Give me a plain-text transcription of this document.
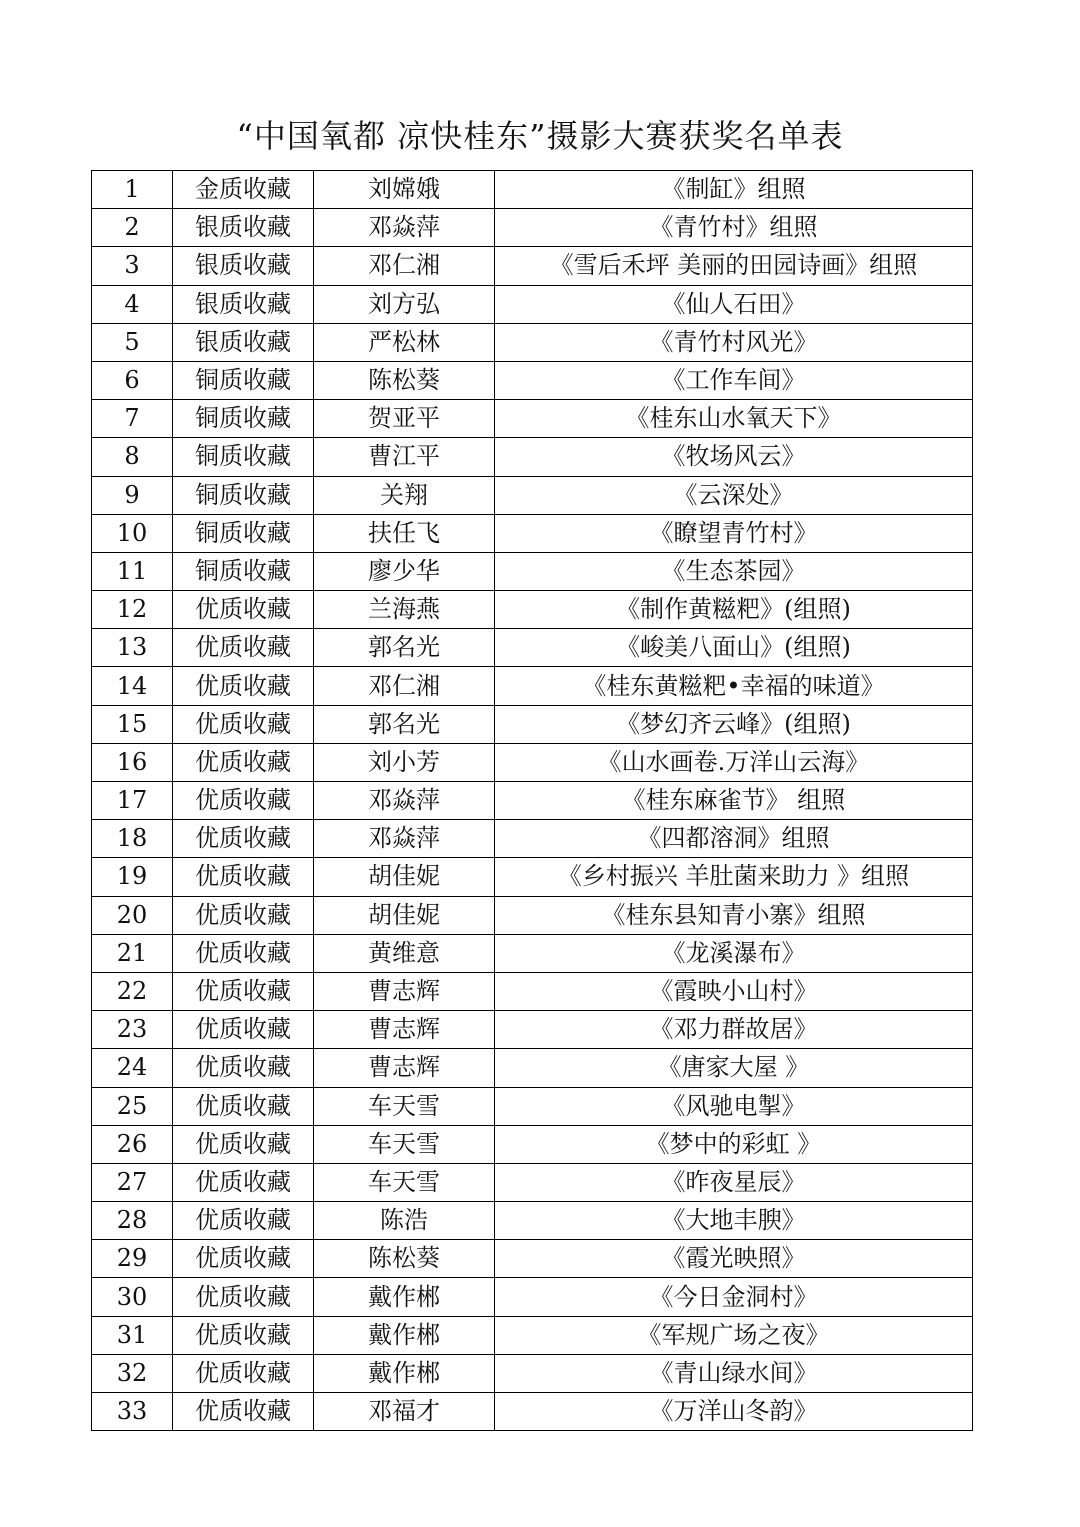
“中国氧都 凉快桂东”摄影大赛获奖名单表
1	金质收藏	刘嫦娥	《制缸》组照
2	银质收藏	邓焱萍	《青竹村》组照
3	银质收藏	邓仁湘	《雪后禾坪 美丽的田园诗画》组照
4	银质收藏	刘方弘	《仙人石田》
5	银质收藏	严松林	《青竹村风光》
6	铜质收藏	陈松葵	《工作车间》
7	铜质收藏	贺亚平	《桂东山水氧天下》
8	铜质收藏	曹江平	《牧场风云》
9	铜质收藏	关翔	《云深处》
10	铜质收藏	扶任飞	《瞭望青竹村》
11	铜质收藏	廖少华	《生态茶园》
12	优质收藏	兰海燕	《制作黄糍粑》(组照)
13	优质收藏	郭名光	《峻美八面山》(组照)
14	优质收藏	邓仁湘	《桂东黄糍粑•幸福的味道》
15	优质收藏	郭名光	《梦幻齐云峰》(组照)
16	优质收藏	刘小芳	《山水画卷.万洋山云海》
17	优质收藏	邓焱萍	《桂东麻雀节》 组照
18	优质收藏	邓焱萍	《四都溶洞》组照
19	优质收藏	胡佳妮	《乡村振兴 羊肚菌来助力 》组照
20	优质收藏	胡佳妮	《桂东县知青小寨》组照
21	优质收藏	黄维意	《龙溪瀑布》
22	优质收藏	曹志辉	《霞映小山村》
23	优质收藏	曹志辉	《邓力群故居》
24	优质收藏	曹志辉	《唐家大屋 》
25	优质收藏	车天雪	《风驰电掣》
26	优质收藏	车天雪	《梦中的彩虹 》
27	优质收藏	车天雪	《昨夜星辰》
28	优质收藏	陈浩	《大地丰腴》
29	优质收藏	陈松葵	《霞光映照》
30	优质收藏	戴作郴	《今日金洞村》
31	优质收藏	戴作郴	《军规广场之夜》
32	优质收藏	戴作郴	《青山绿水间》
33	优质收藏	邓福才	《万洋山冬韵》
